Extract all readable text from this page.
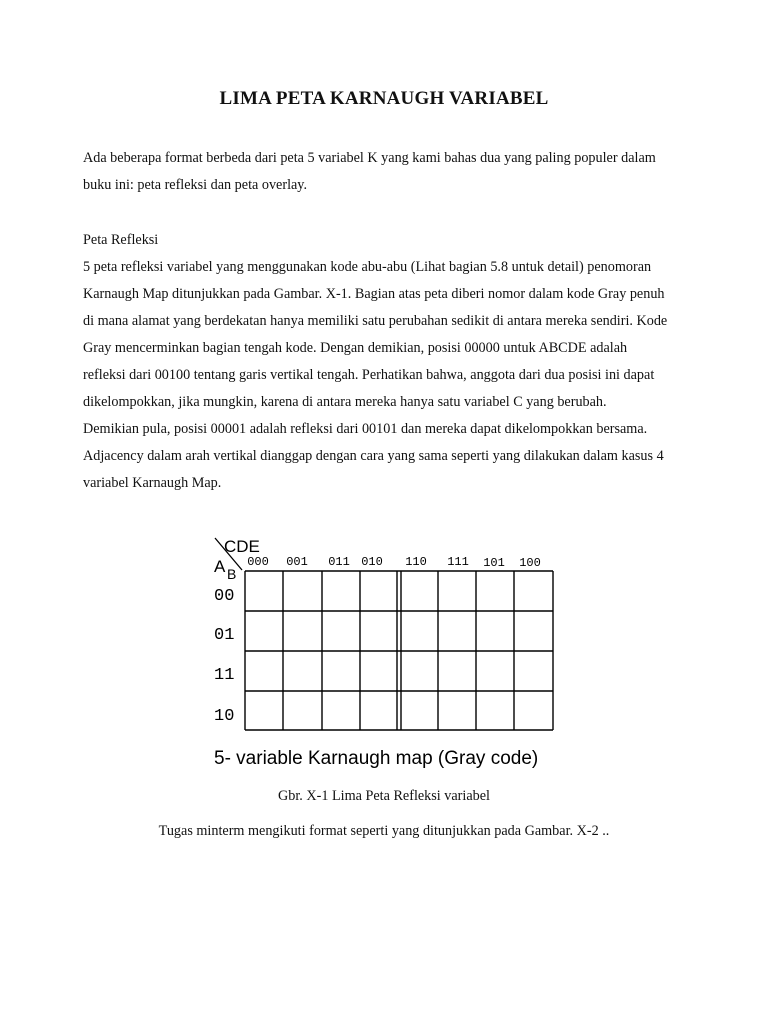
LIMA PETA KARNAUGH VARIABEL
Ada beberapa format berbeda dari peta 5 variabel K yang kami bahas dua yang paling populer dalam
buku ini: peta refleksi dan peta overlay.
Peta Refleksi
5 peta refleksi variabel yang menggunakan kode abu-abu (Lihat bagian 5.8 untuk detail) penomoran
Karnaugh Map ditunjukkan pada Gambar. X-1. Bagian atas peta diberi nomor dalam kode Gray penuh
di mana alamat yang berdekatan hanya memiliki satu perubahan sedikit di antara mereka sendiri. Kode
Gray mencerminkan bagian tengah kode. Dengan demikian, posisi 00000 untuk ABCDE adalah
refleksi dari 00100 tentang garis vertikal tengah. Perhatikan bahwa, anggota dari dua posisi ini dapat
dikelompokkan, jika mungkin, karena di antara mereka hanya satu variabel C yang berubah.
Demikian pula, posisi 00001 adalah refleksi dari 00101 dan mereka dapat dikelompokkan bersama.
Adjacency dalam arah vertikal dianggap dengan cara yang sama seperti yang dilakukan dalam kasus 4
variabel Karnaugh Map.
CDE
A B
000 001 011 010 110 111 101 100
00
01
11
10
5- variable Karnaugh map (Gray code)
Gbr. X-1 Lima Peta Refleksi variabel
Tugas minterm mengikuti format seperti yang ditunjukkan pada Gambar. X-2 ..
